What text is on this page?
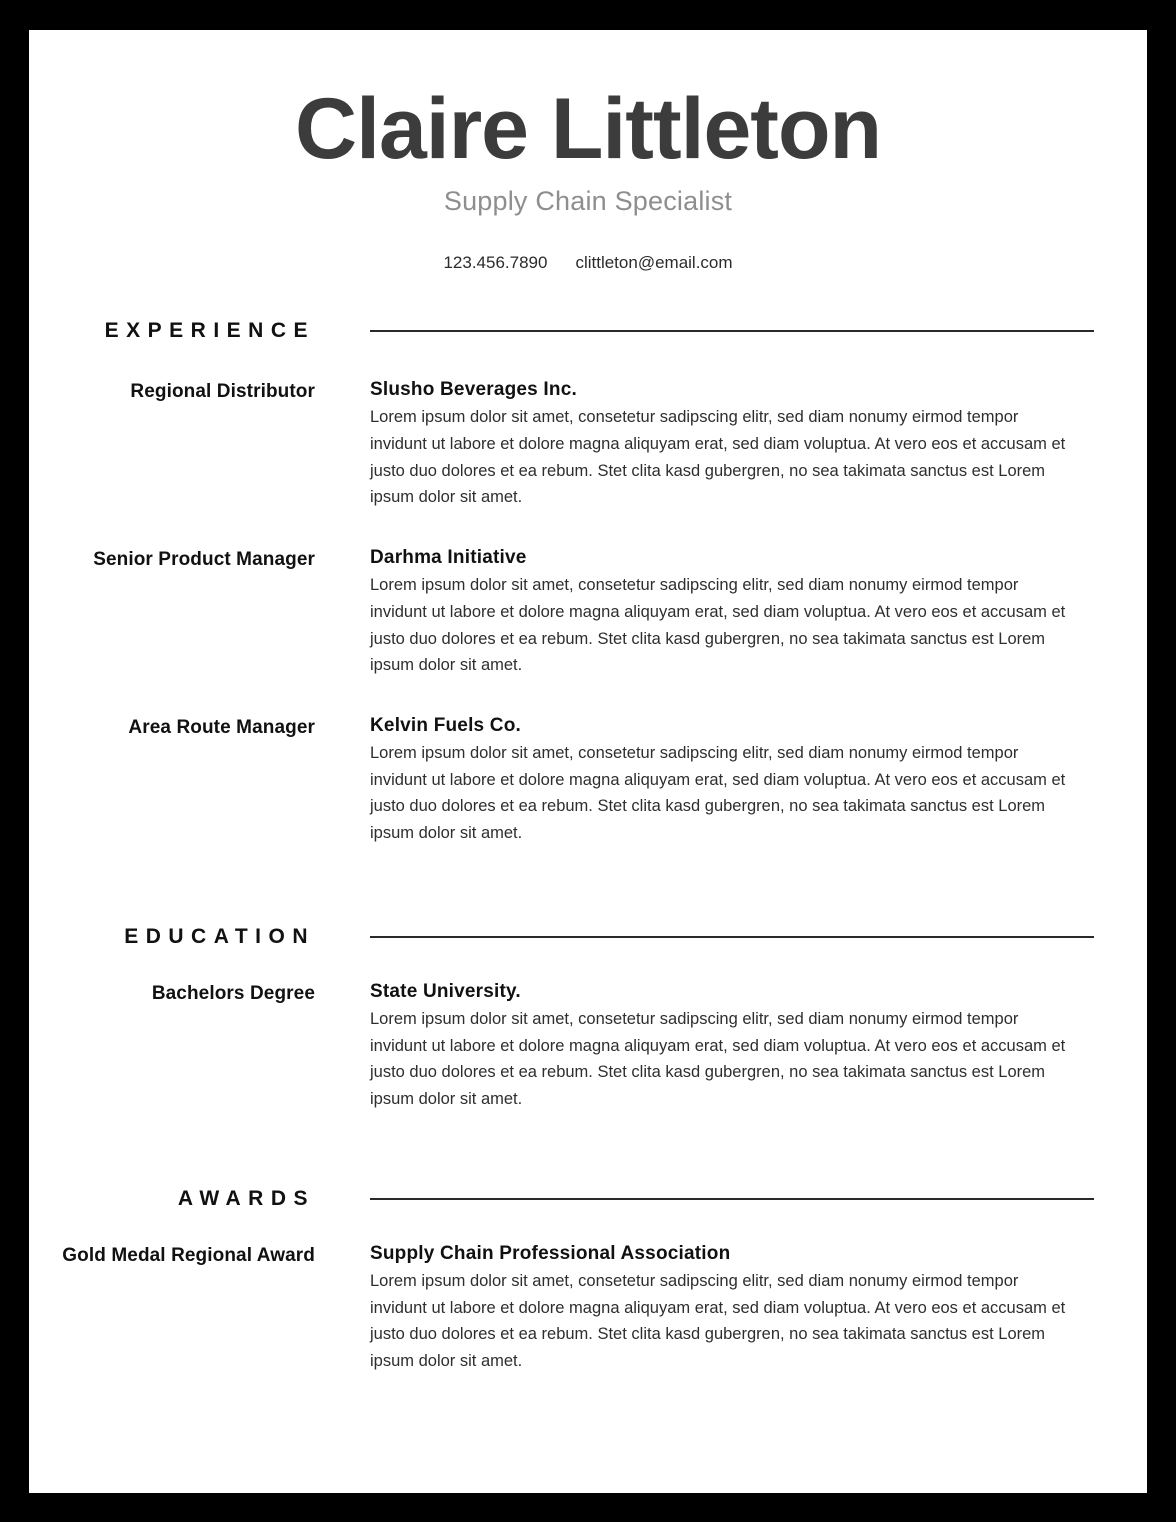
Claire Littleton
Supply Chain Specialist
123.456.7890 clittleton@email.com
EXPERIENCE
Regional Distributor	Slusho Beverages Inc.
Lorem ipsum dolor sit amet, consetetur sadipscing elitr, sed diam nonumy eirmod tempor invidunt ut labore et dolore magna aliquyam erat, sed diam voluptua. At vero eos et accusam et justo duo dolores et ea rebum. Stet clita kasd gubergren, no sea takimata sanctus est Lorem ipsum dolor sit amet.
Senior Product Manager	Darhma Initiative
Lorem ipsum dolor sit amet, consetetur sadipscing elitr, sed diam nonumy eirmod tempor invidunt ut labore et dolore magna aliquyam erat, sed diam voluptua. At vero eos et accusam et justo duo dolores et ea rebum. Stet clita kasd gubergren, no sea takimata sanctus est Lorem ipsum dolor sit amet.
Area Route Manager	Kelvin Fuels Co.
Lorem ipsum dolor sit amet, consetetur sadipscing elitr, sed diam nonumy eirmod tempor invidunt ut labore et dolore magna aliquyam erat, sed diam voluptua. At vero eos et accusam et justo duo dolores et ea rebum. Stet clita kasd gubergren, no sea takimata sanctus est Lorem ipsum dolor sit amet.
EDUCATION
Bachelors Degree	State University.
Lorem ipsum dolor sit amet, consetetur sadipscing elitr, sed diam nonumy eirmod tempor invidunt ut labore et dolore magna aliquyam erat, sed diam voluptua. At vero eos et accusam et justo duo dolores et ea rebum. Stet clita kasd gubergren, no sea takimata sanctus est Lorem ipsum dolor sit amet.
AWARDS
Gold Medal Regional Award	Supply Chain Professional Association
Lorem ipsum dolor sit amet, consetetur sadipscing elitr, sed diam nonumy eirmod tempor invidunt ut labore et dolore magna aliquyam erat, sed diam voluptua. At vero eos et accusam et justo duo dolores et ea rebum. Stet clita kasd gubergren, no sea takimata sanctus est Lorem ipsum dolor sit amet.
